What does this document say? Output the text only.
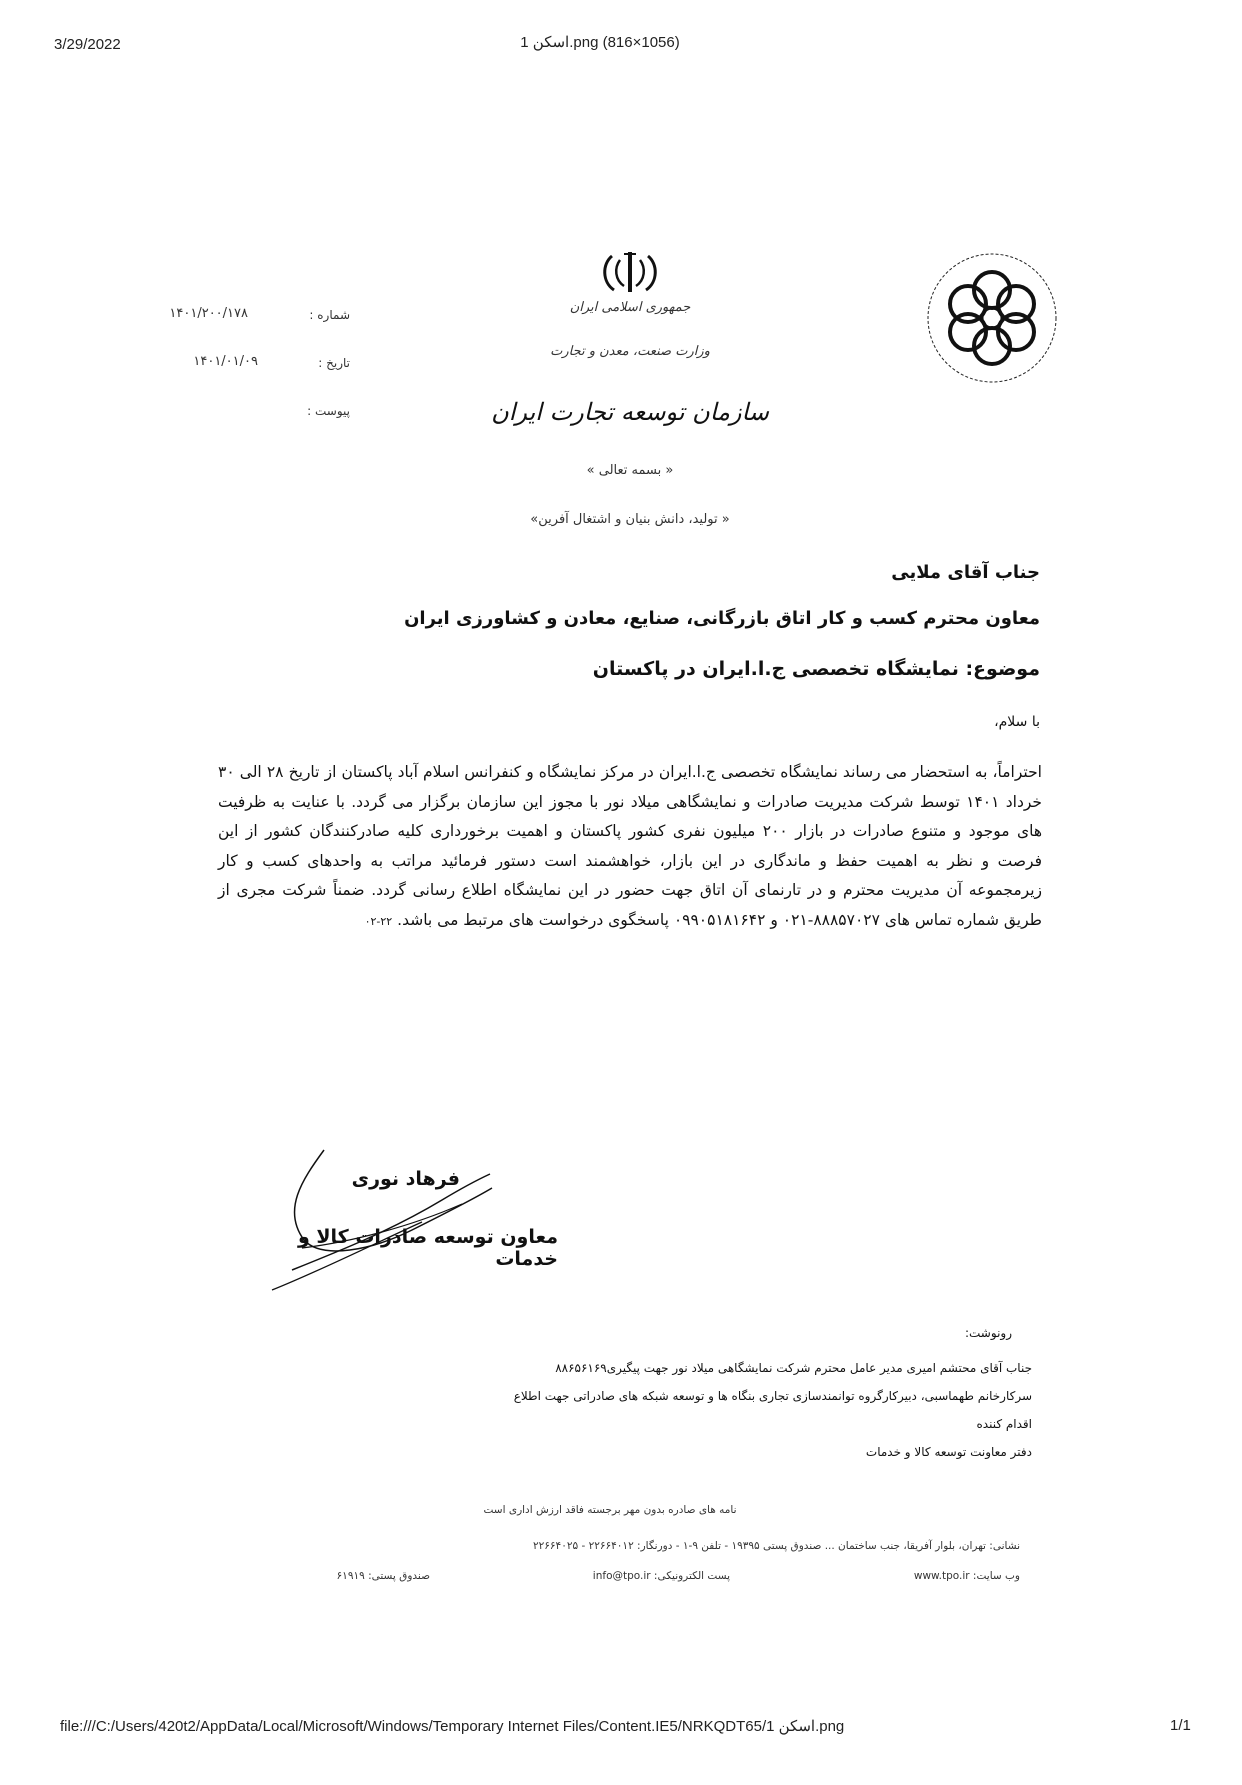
3/29/2022	اسکن 1.png (816×1056)
۱۴۰۱/۲۰۰/۱۷۸	شماره :
۱۴۰۱/۰۱/۰۹	تاریخ :
پیوست :
جمهوری اسلامی ایران
وزارت صنعت، معدن و تجارت
سازمان توسعه تجارت ایران
« بسمه تعالی »
« تولید، دانش بنیان و اشتغال آفرین»
جناب آقای ملایی
معاون محترم کسب و کار اتاق بازرگانی، صنایع، معادن و کشاورزی ایران
موضوع: نمایشگاه تخصصی ج.ا.ایران در پاکستان
با سلام،
احتراماً، به استحضار می رساند نمایشگاه تخصصی ج.ا.ایران در مرکز نمایشگاه و کنفرانس اسلام آباد پاکستان از تاریخ ۲۸ الی ۳۰ خرداد ۱۴۰۱ توسط شرکت مدیریت صادرات و نمایشگاهی میلاد نور با مجوز این سازمان برگزار می گردد. با عنایت به ظرفیت های موجود و متنوع صادرات در بازار ۲۰۰ میلیون نفری کشور پاکستان و اهمیت برخورداری کلیه صادرکنندگان کشور از این فرصت و نظر به اهمیت حفظ و ماندگاری در این بازار، خواهشمند است دستور فرمائید مراتب به واحدهای کسب و کار زیرمجموعه آن مدیریت محترم و در تارنمای آن اتاق جهت حضور در این نمایشگاه اطلاع رسانی گردد. ضمناً شرکت مجری از طریق شماره تماس های ۸۸۸۵۷۰۲۷-۰۲۱ و ۰۹۹۰۵۱۸۱۶۴۲ پاسخگوی درخواست های مرتبط می باشد. ۲۲-۰۲
فرهاد نوری
معاون توسعه صادرات کالا و خدمات
رونوشت:
جناب آقای محتشم امیری مدیر عامل محترم شرکت نمایشگاهی میلاد نور جهت پیگیری۸۸۶۵۶۱۶۹
سرکارخانم طهماسبی، دبیرکارگروه توانمندسازی تجاری بنگاه ها و توسعه شبکه های صادراتی جهت اطلاع
اقدام کننده
دفتر معاونت توسعه کالا و خدمات
نامه های صادره بدون مهر برجسته فاقد ارزش اداری است
نشانی: تهران، بلوار آفریقا، جنب ساختمان ... صندوق پستی ۱۹۳۹۵ - تلفن ۹-۱ - دورنگار: ۲۲۶۶۴۰۱۲ - ۲۲۶۶۴۰۲۵
صندوق پستی: ۶۱۹۱۹	پست الکترونیکی: info@tpo.ir	وب سایت: www.tpo.ir
file:///C:/Users/420t2/AppData/Local/Microsoft/Windows/Temporary Internet Files/Content.IE5/NRKQDT65/اسکن 1.png	1/1
